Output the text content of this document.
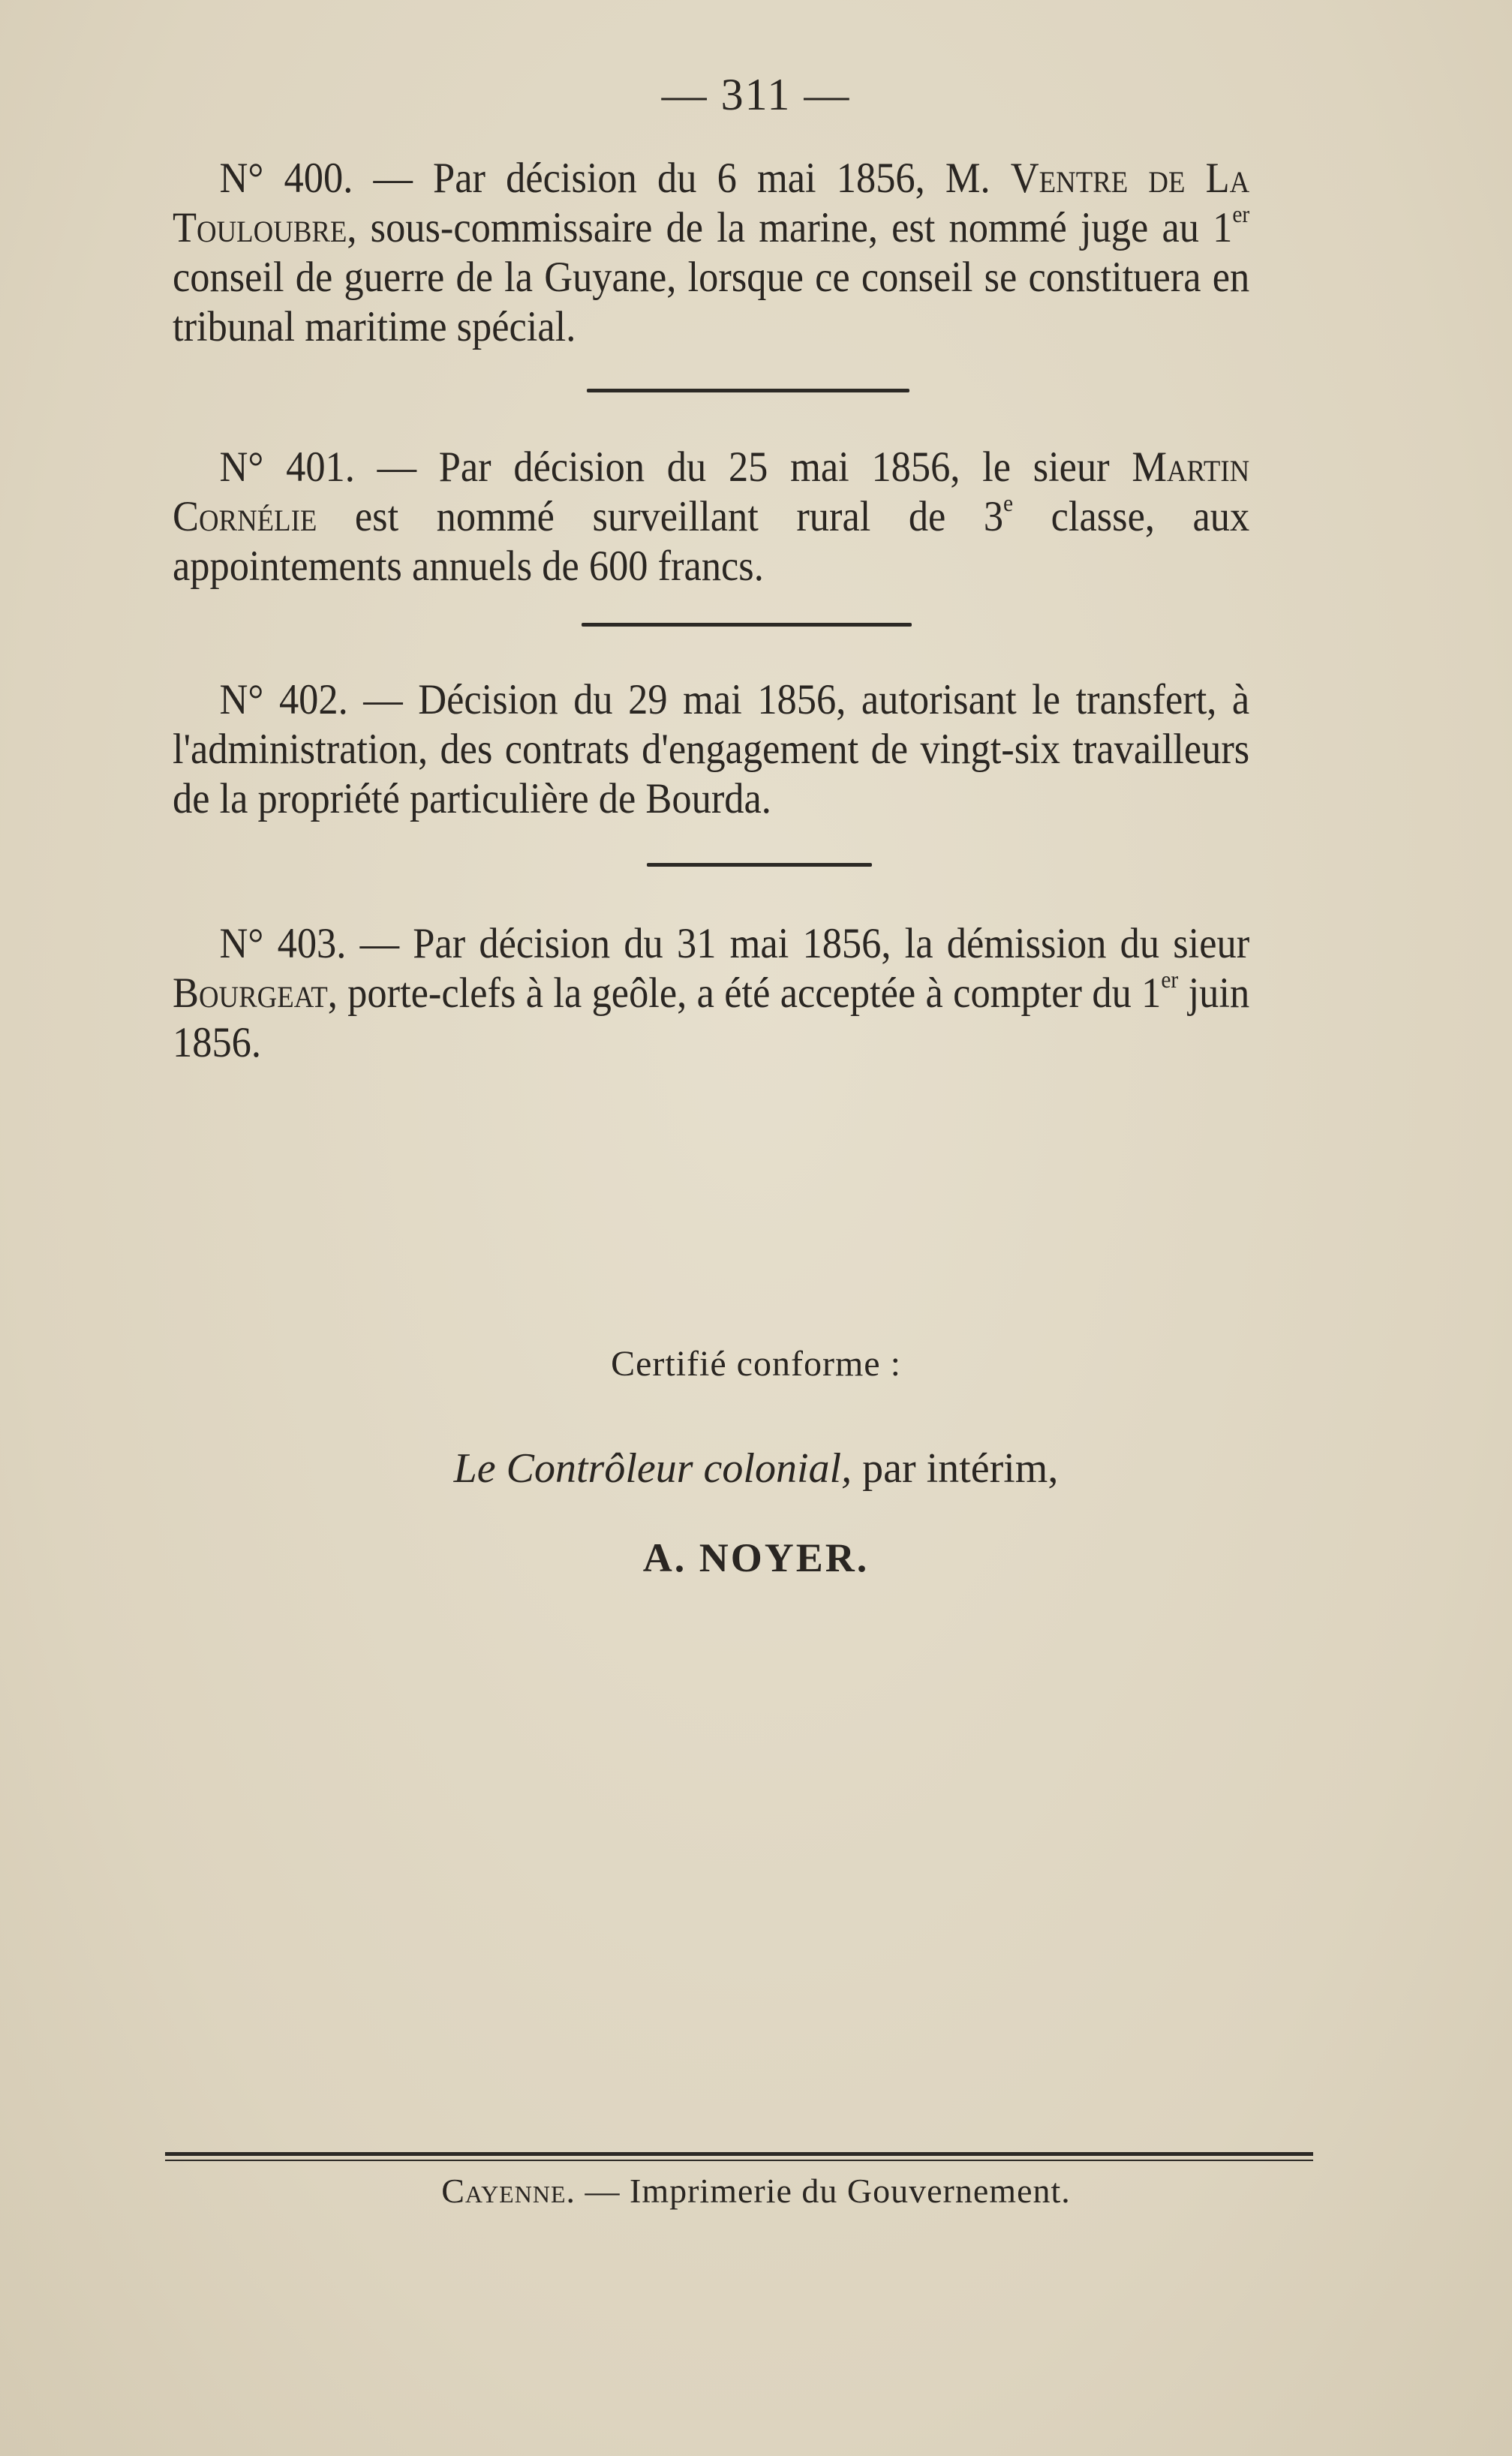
— 311 —

N° 400. — Par décision du 6 mai 1856, M. Ventre de La Touloubre, sous-commissaire de la marine, est nommé juge au 1er conseil de guerre de la Guyane, lorsque ce conseil se constituera en tribunal maritime spécial.

N° 401. — Par décision du 25 mai 1856, le sieur Martin Cornélie est nommé surveillant rural de 3e classe, aux appointements annuels de 600 francs.

N° 402. — Décision du 29 mai 1856, autorisant le transfert, à l'administration, des contrats d'engagement de vingt-six travailleurs de la propriété particulière de Bourda.

N° 403. — Par décision du 31 mai 1856, la démission du sieur Bourgeat, porte-clefs à la geôle, a été acceptée à compter du 1er juin 1856.

Certifié conforme :
Le Contrôleur colonial, par intérim,
A. NOYER.
Cayenne. — Imprimerie du Gouvernement.
